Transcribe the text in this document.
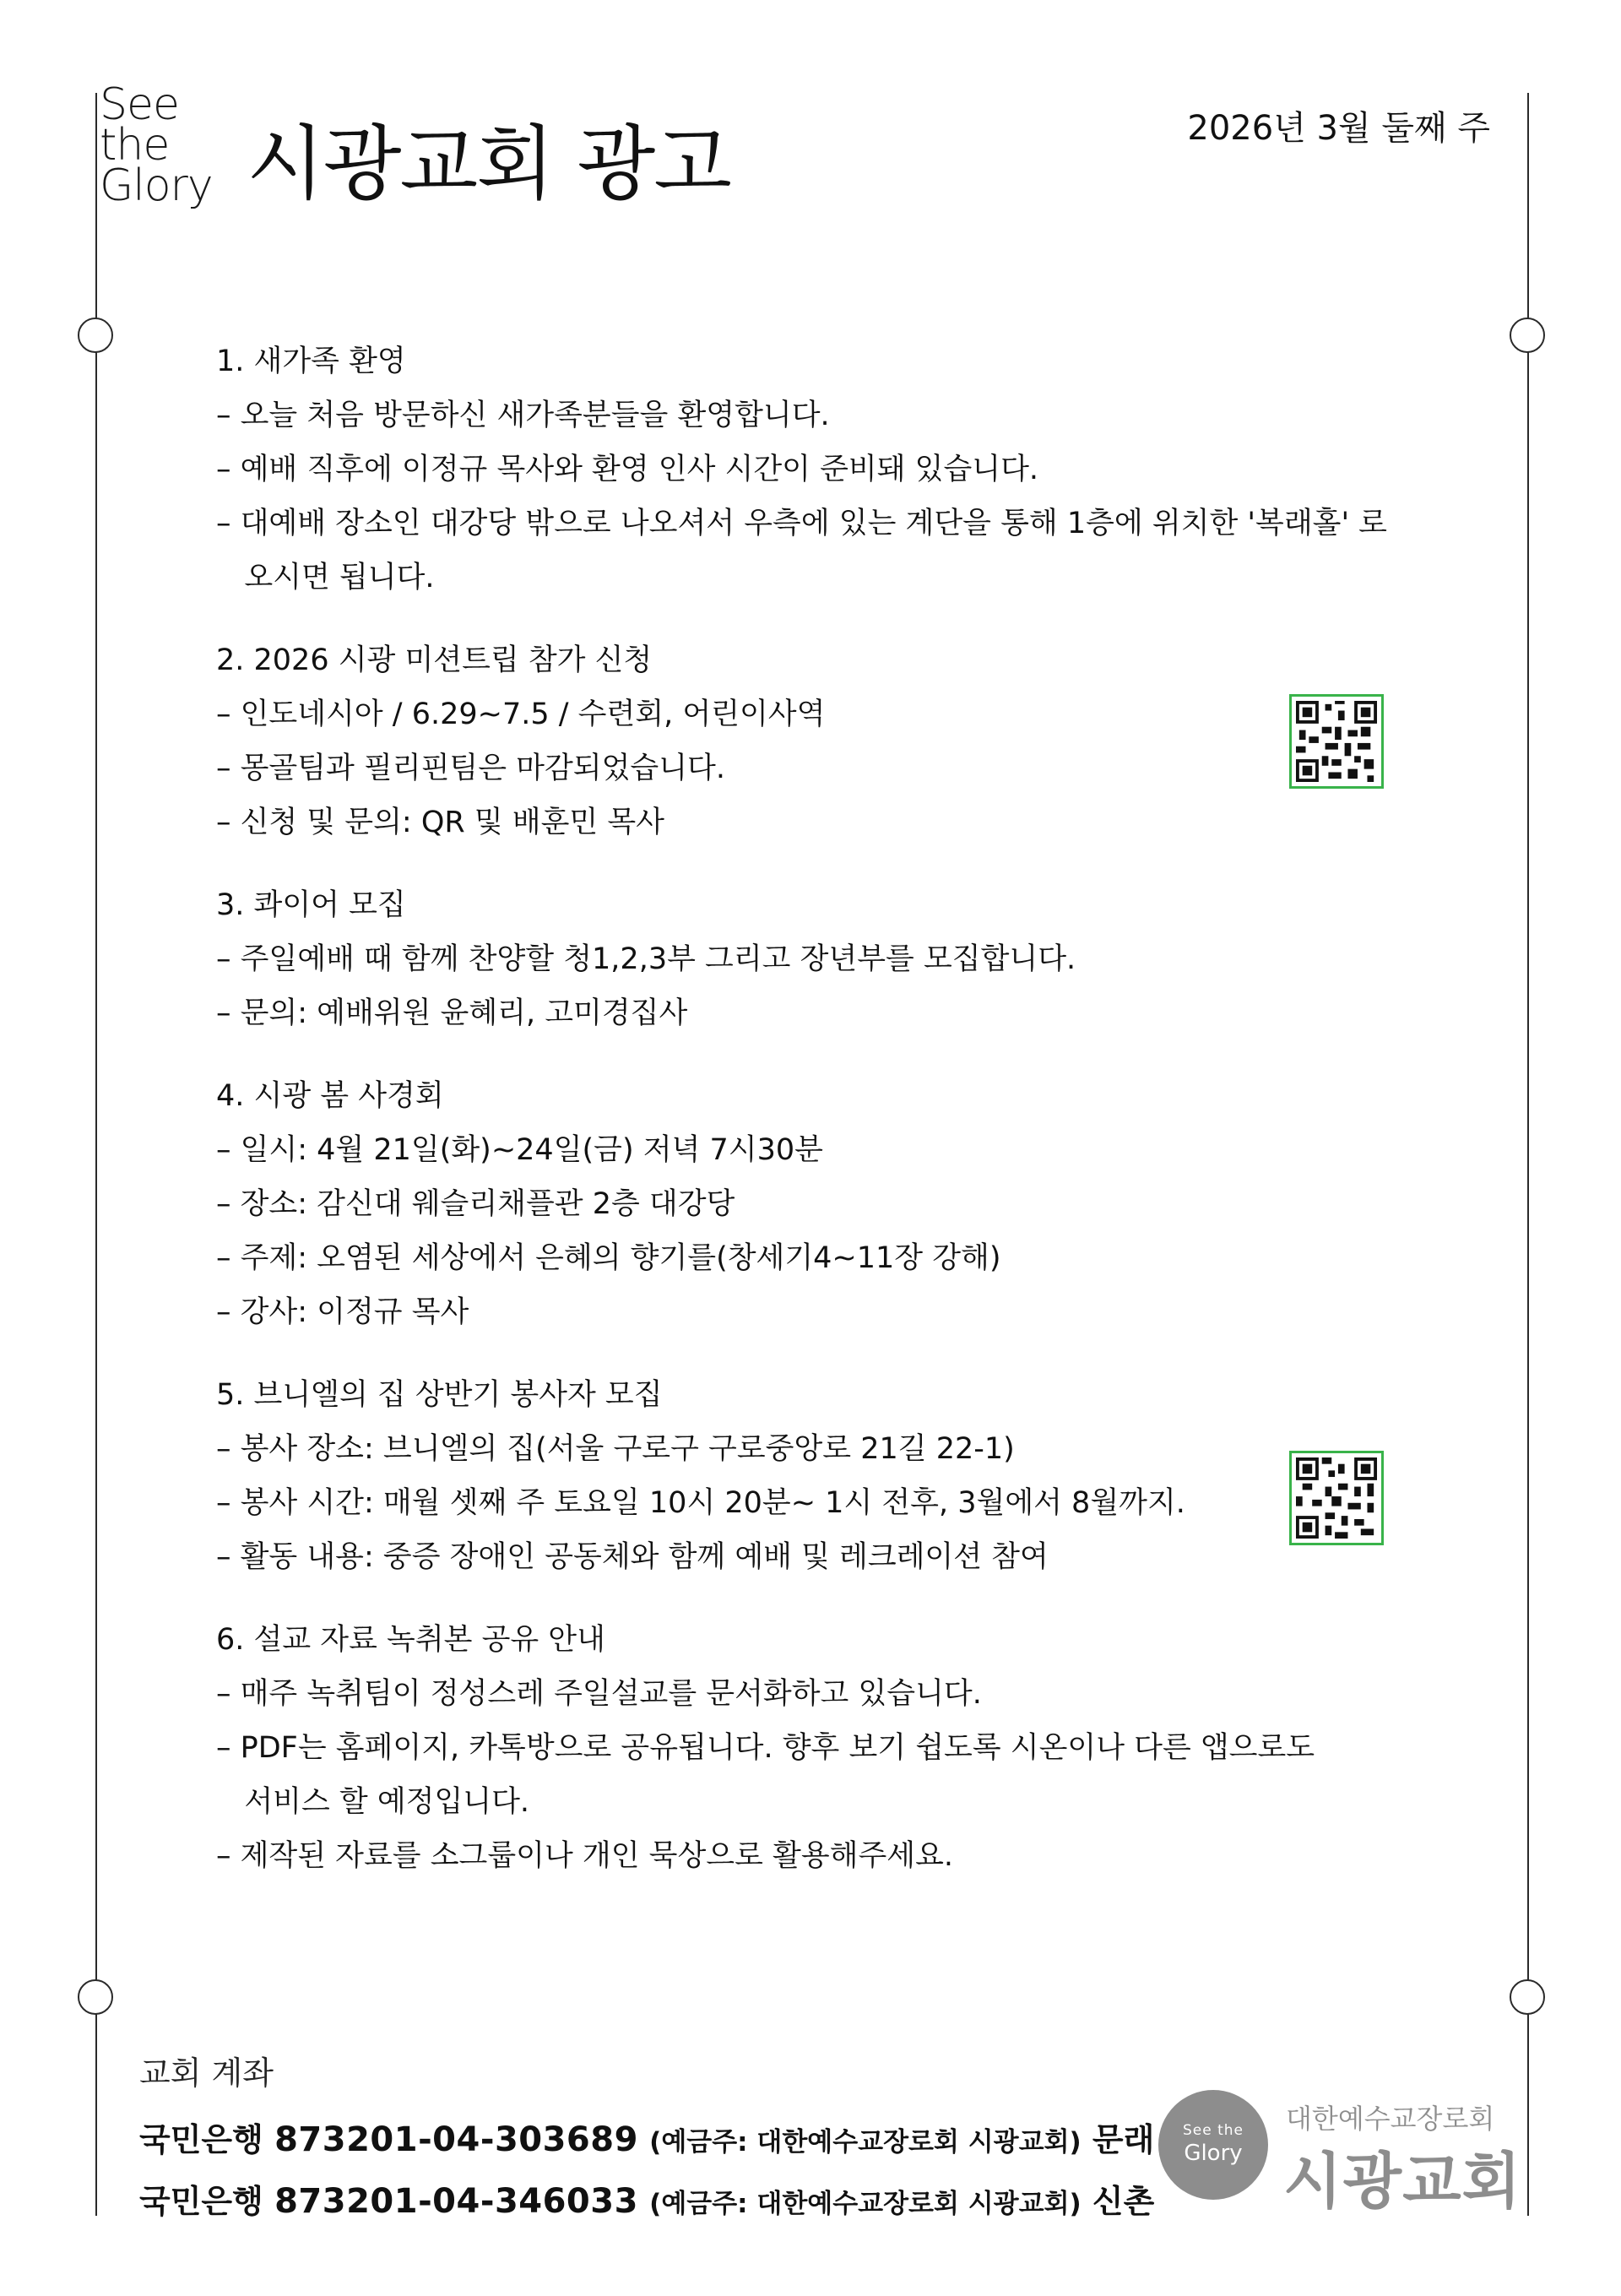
See
the
Glory 시광교회 광고	2026년 3월 둘째 주
1. 새가족 환영
– 오늘 처음 방문하신 새가족분들을 환영합니다.
– 예배 직후에 이정규 목사와 환영 인사 시간이 준비돼 있습니다.
– 대예배 장소인 대강당 밖으로 나오셔서 우측에 있는 계단을 통해 1층에 위치한 '복래홀' 로
오시면 됩니다.
2. 2026 시광 미션트립 참가 신청
– 인도네시아 / 6.29~7.5 / 수련회, 어린이사역
– 몽골팀과 필리핀팀은 마감되었습니다.
– 신청 및 문의: QR 및 배훈민 목사
3. 콰이어 모집
– 주일예배 때 함께 찬양할 청1,2,3부 그리고 장년부를 모집합니다.
– 문의: 예배위원 윤혜리, 고미경집사
4. 시광 봄 사경회
– 일시: 4월 21일(화)~24일(금) 저녁 7시30분
– 장소: 감신대 웨슬리채플관 2층 대강당
– 주제: 오염된 세상에서 은혜의 향기를(창세기4~11장 강해)
– 강사: 이정규 목사
5. 브니엘의 집 상반기 봉사자 모집
– 봉사 장소: 브니엘의 집(서울 구로구 구로중앙로 21길 22-1)
– 봉사 시간: 매월 셋째 주 토요일 10시 20분~ 1시 전후, 3월에서 8월까지.
– 활동 내용: 중증 장애인 공동체와 함께 예배 및 레크레이션 참여
6. 설교 자료 녹취본 공유 안내
– 매주 녹취팀이 정성스레 주일설교를 문서화하고 있습니다.
– PDF는 홈페이지, 카톡방으로 공유됩니다. 향후 보기 쉽도록 시온이나 다른 앱으로도
서비스 할 예정입니다.
– 제작된 자료를 소그룹이나 개인 묵상으로 활용해주세요.
교회 계좌
국민은행 873201-04-303689 (예금주: 대한예수교장로회 시광교회) 문래
국민은행 873201-04-346033 (예금주: 대한예수교장로회 시광교회) 신촌
See the
Glory
대한예수교장로회
시광교회
